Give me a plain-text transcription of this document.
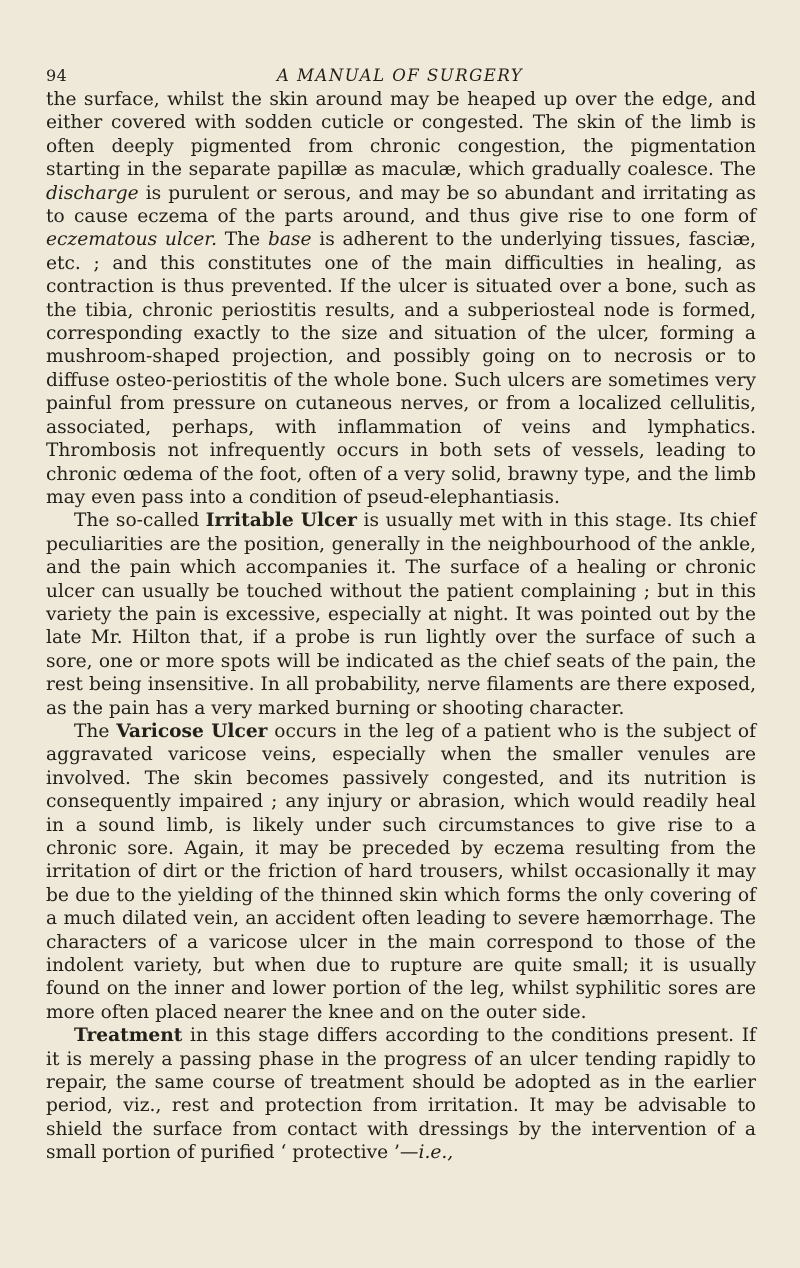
94	A MANUAL OF SURGERY

the surface, whilst the skin around may be heaped up over the edge, and either covered with sodden cuticle or congested. The skin of the limb is often deeply pigmented from chronic congestion, the pigmentation starting in the separate papillæ as maculæ, which gradually coalesce. The discharge is purulent or serous, and may be so abundant and irritating as to cause eczema of the parts around, and thus give rise to one form of eczematous ulcer. The base is adherent to the underlying tissues, fasciæ, etc. ; and this constitutes one of the main difficulties in healing, as contraction is thus prevented. If the ulcer is situated over a bone, such as the tibia, chronic periostitis results, and a subperiosteal node is formed, corresponding exactly to the size and situation of the ulcer, forming a mushroom-shaped projection, and possibly going on to necrosis or to diffuse osteo-periostitis of the whole bone. Such ulcers are sometimes very painful from pressure on cutaneous nerves, or from a localized cellulitis, associated, perhaps, with inflammation of veins and lymphatics. Thrombosis not infrequently occurs in both sets of vessels, leading to chronic œdema of the foot, often of a very solid, brawny type, and the limb may even pass into a condition of pseud-elephantiasis.

The so-called Irritable Ulcer is usually met with in this stage. Its chief peculiarities are the position, generally in the neighbourhood of the ankle, and the pain which accompanies it. The surface of a healing or chronic ulcer can usually be touched without the patient complaining ; but in this variety the pain is excessive, especially at night. It was pointed out by the late Mr. Hilton that, if a probe is run lightly over the surface of such a sore, one or more spots will be indicated as the chief seats of the pain, the rest being insensitive. In all probability, nerve filaments are there exposed, as the pain has a very marked burning or shooting character.

The Varicose Ulcer occurs in the leg of a patient who is the subject of aggravated varicose veins, especially when the smaller venules are involved. The skin becomes passively congested, and its nutrition is consequently impaired ; any injury or abrasion, which would readily heal in a sound limb, is likely under such circumstances to give rise to a chronic sore. Again, it may be preceded by eczema resulting from the irritation of dirt or the friction of hard trousers, whilst occasionally it may be due to the yielding of the thinned skin which forms the only covering of a much dilated vein, an accident often leading to severe hæmorrhage. The characters of a varicose ulcer in the main correspond to those of the indolent variety, but when due to rupture are quite small; it is usually found on the inner and lower portion of the leg, whilst syphilitic sores are more often placed nearer the knee and on the outer side.

Treatment in this stage differs according to the conditions present. If it is merely a passing phase in the progress of an ulcer tending rapidly to repair, the same course of treatment should be adopted as in the earlier period, viz., rest and protection from irritation. It may be advisable to shield the surface from contact with dressings by the intervention of a small portion of purified ‘ protective ’—i.e.,
